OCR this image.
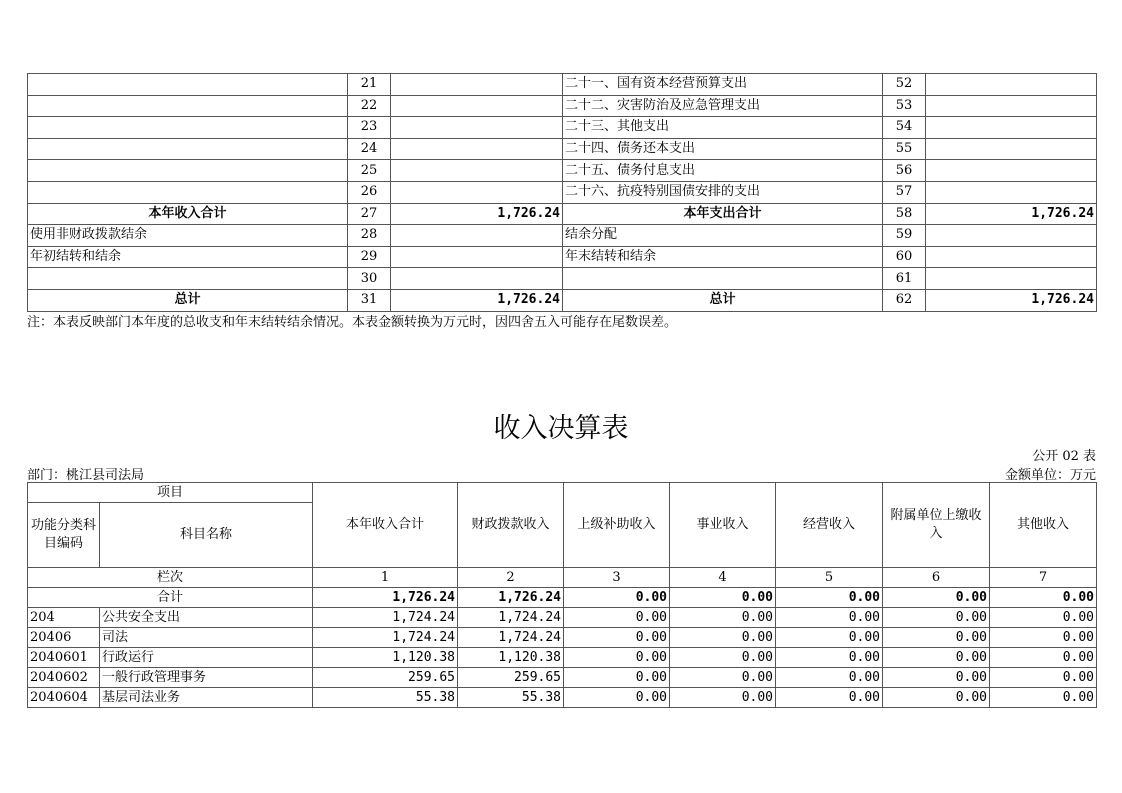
	21		二十一、国有资本经营预算支出	52	
	22		二十二、灾害防治及应急管理支出	53	
	23		二十三、其他支出	54	
	24		二十四、债务还本支出	55	
	25		二十五、债务付息支出	56	
	26		二十六、抗疫特别国债安排的支出	57	
本年收入合计	27	1,726.24	本年支出合计	58	1,726.24
使用非财政拨款结余	28		结余分配	59	
年初结转和结余	29		年末结转和结余	60	
	30			61	
总计	31	1,726.24	总计	62	1,726.24
注：本表反映部门本年度的总收支和年末结转结余情况。本表金额转换为万元时，因四舍五入可能存在尾数误差。
收入决算表
公开 02 表
部门：桃江县司法局	金额单位：万元
项目		本年收入合计	财政拨款收入	上级补助收入	事业收入	经营收入	附属单位上缴收入	其他收入
功能分类科目编码	科目名称							
栏次		1	2	3	4	5	6	7
合计		1,726.24	1,726.24	0.00	0.00	0.00	0.00	0.00
204	公共安全支出	1,724.24	1,724.24	0.00	0.00	0.00	0.00	0.00
20406	司法	1,724.24	1,724.24	0.00	0.00	0.00	0.00	0.00
2040601	行政运行	1,120.38	1,120.38	0.00	0.00	0.00	0.00	0.00
2040602	一般行政管理事务	259.65	259.65	0.00	0.00	0.00	0.00	0.00
2040604	基层司法业务	55.38	55.38	0.00	0.00	0.00	0.00	0.00
